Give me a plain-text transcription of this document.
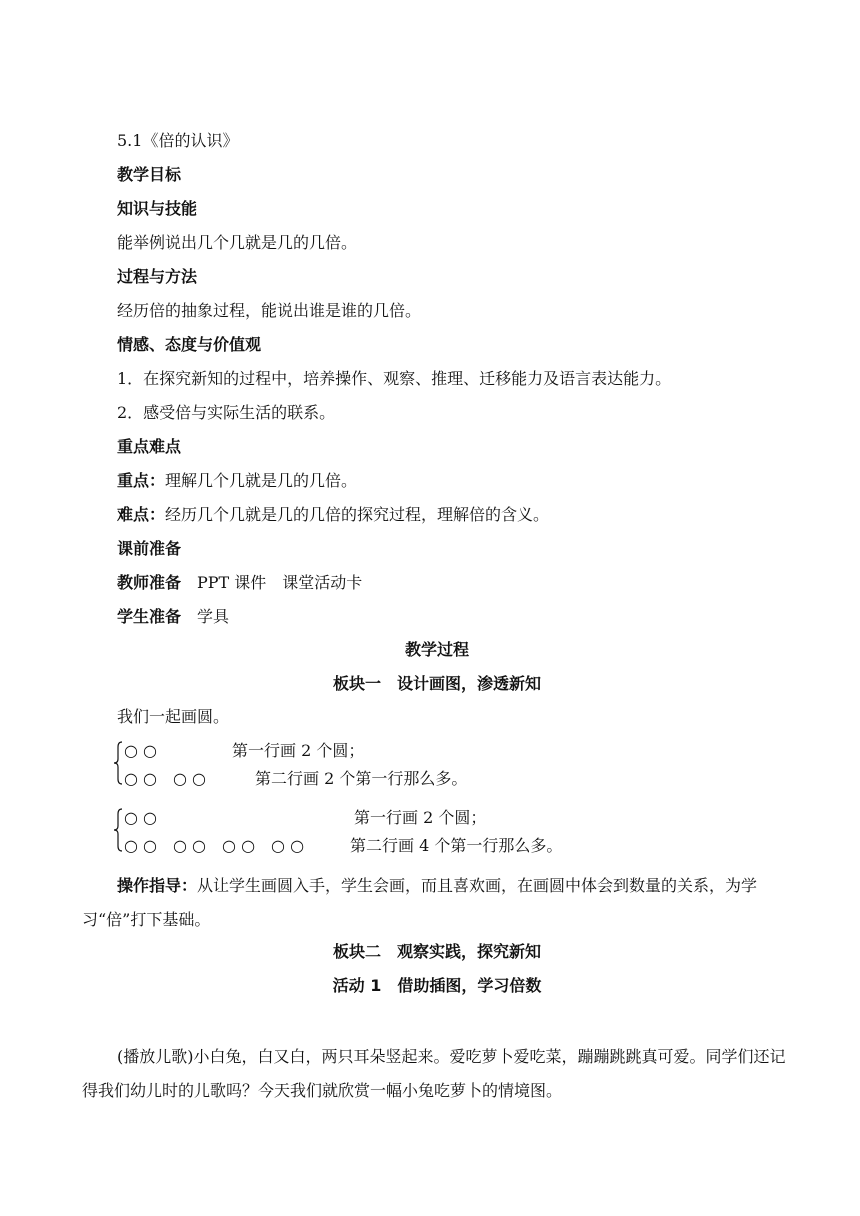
5.1《倍的认识》
教学目标
知识与技能
能举例说出几个几就是几的几倍。
过程与方法
经历倍的抽象过程，能说出谁是谁的几倍。
情感、态度与价值观
1．在探究新知的过程中，培养操作、观察、推理、迁移能力及语言表达能力。
2．感受倍与实际生活的联系。
重点难点
重点：理解几个几就是几的几倍。
难点：经历几个几就是几的几倍的探究过程，理解倍的含义。
课前准备
教师准备 PPT 课件　课堂活动卡
学生准备 学具
教学过程
板块一　设计画图，渗透新知
我们一起画圆。
○ ○	第一行画 2 个圆；
○ ○　○ ○	第二行画 2 个第一行那么多。
○ ○	第一行画 2 个圆；
○ ○　○ ○　○ ○　○ ○	第二行画 4 个第一行那么多。
操作指导：从让学生画圆入手，学生会画，而且喜欢画，在画圆中体会到数量的关系，为学习“倍”打下基础。
板块二　观察实践，探究新知
活动 1　借助插图，学习倍数
(播放儿歌)小白兔，白又白，两只耳朵竖起来。爱吃萝卜爱吃菜，蹦蹦跳跳真可爱。同学们还记得我们幼儿时的儿歌吗？今天我们就欣赏一幅小兔吃萝卜的情境图。
